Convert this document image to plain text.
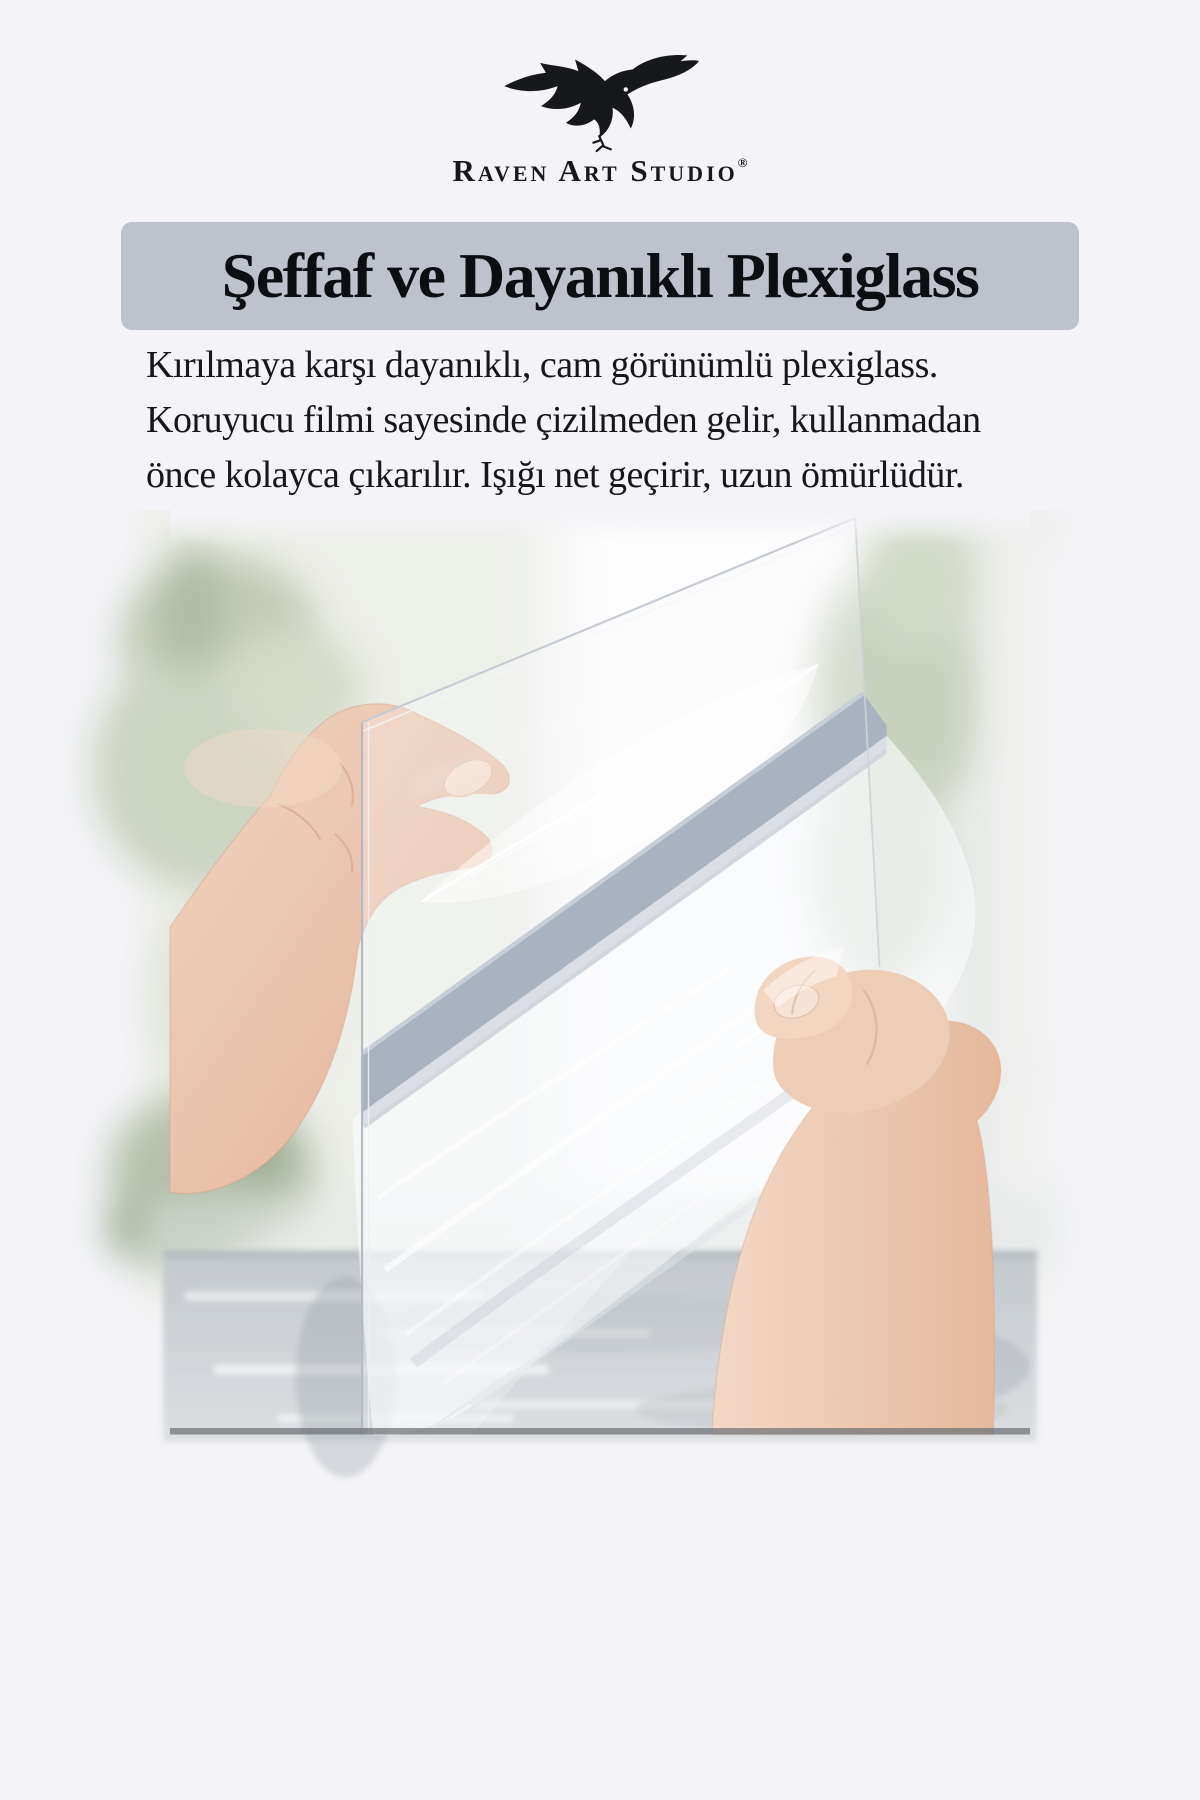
Raven Art Studio®
Şeffaf ve Dayanıklı Plexiglass
Kırılmaya karşı dayanıklı, cam görünümlü plexiglass.
Koruyucu filmi sayesinde çizilmeden gelir, kullanmadan
önce kolayca çıkarılır. Işığı net geçirir, uzun ömürlüdür.
